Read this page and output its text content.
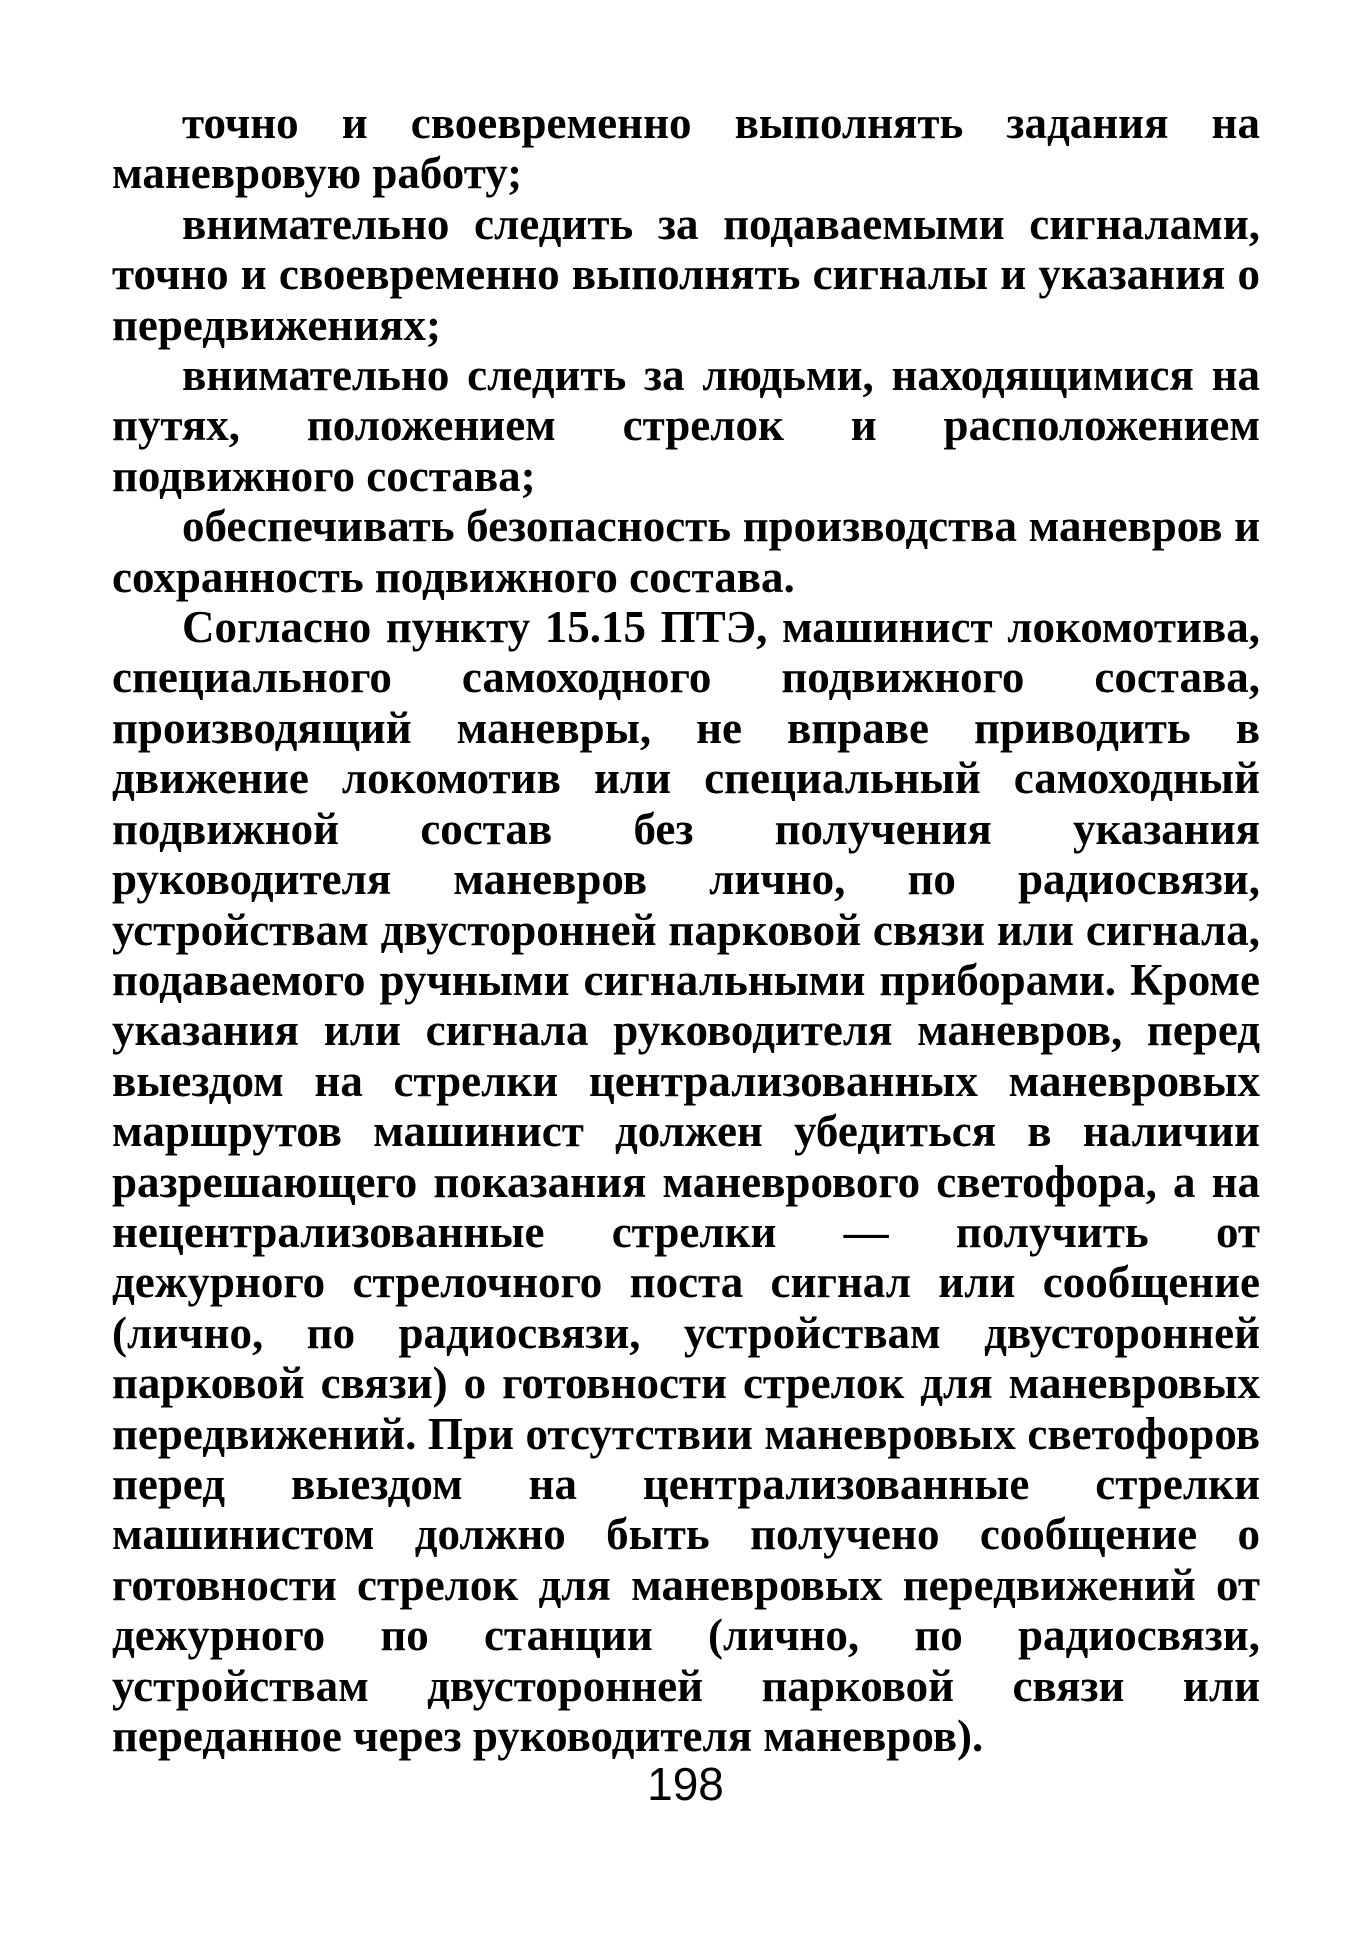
точно и своевременно выполнять задания на маневровую работу;

внимательно следить за подаваемыми сигналами, точно и своевременно выполнять сигналы и указания о передвижениях;

внимательно следить за людьми, находящимися на путях, положением стрелок и расположением подвижного состава;

обеспечивать безопасность производства маневров и сохранность подвижного состава.

Согласно пункту 15.15 ПТЭ, машинист локомотива, специального самоходного подвижного состава, производящий маневры, не вправе приводить в движение локомотив или специальный самоходный подвижной состав без получения указания руководителя маневров лично, по радиосвязи, устройствам двусторонней парковой связи или сигнала, подаваемого ручными сигнальными приборами. Кроме указания или сигнала руководителя маневров, перед выездом на стрелки централизованных маневровых маршрутов машинист должен убедиться в наличии разрешающего показания маневрового светофора, а на нецентрализованные стрелки — получить от дежурного стрелочного поста сигнал или сообщение (лично, по радиосвязи, устройствам двусторонней парковой связи) о готовности стрелок для маневровых передвижений. При отсутствии маневровых светофоров перед выездом на централизованные стрелки машинистом должно быть получено сообщение о готовности стрелок для маневровых передвижений от дежурного по станции (лично, по радиосвязи, устройствам двусторонней парковой связи или переданное через руководителя маневров).

198
